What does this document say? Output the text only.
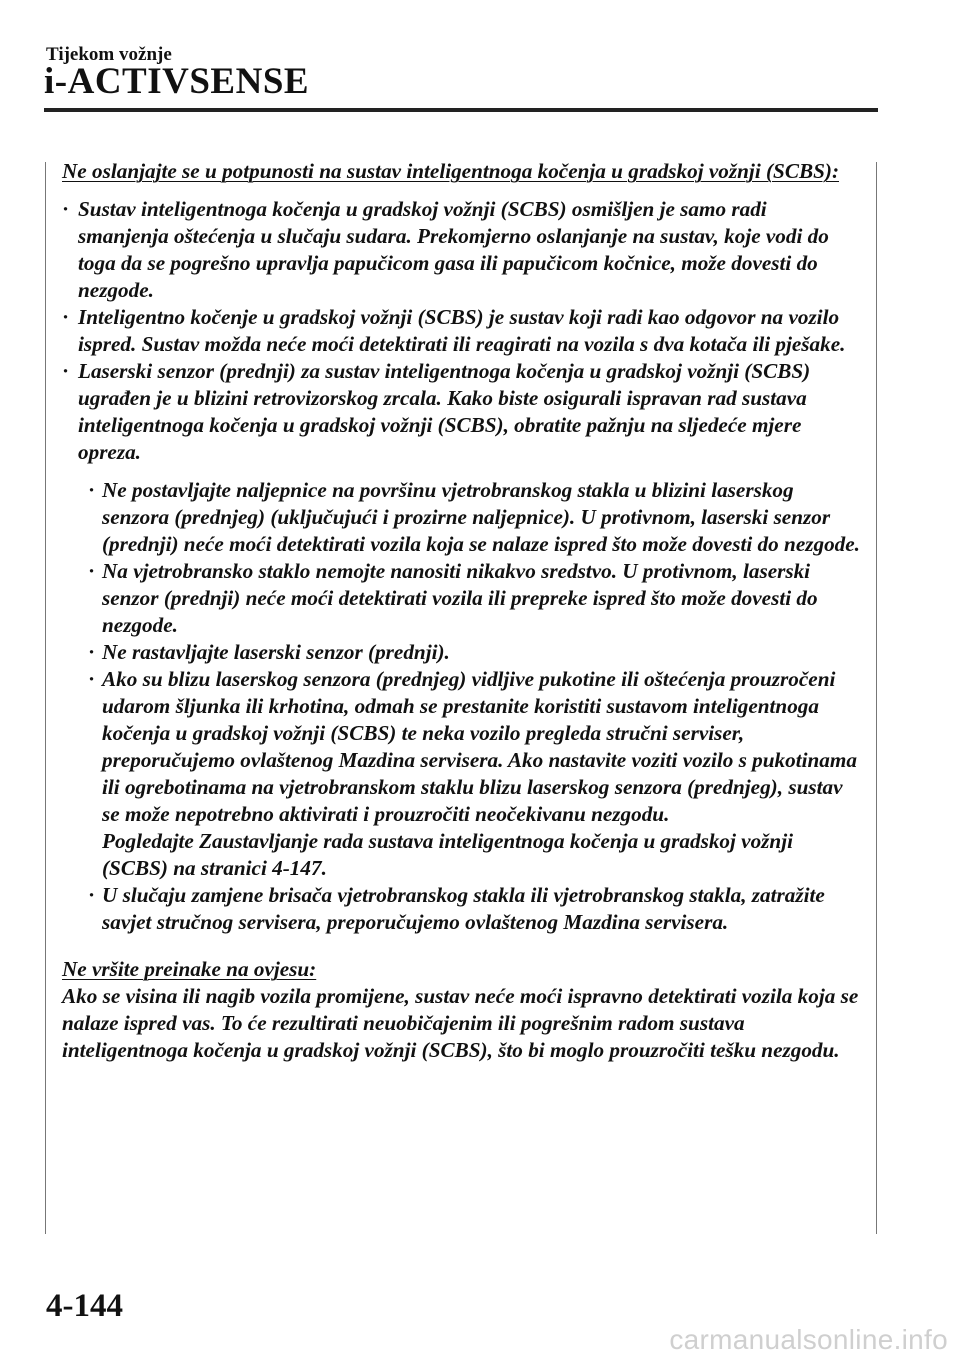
Tijekom vožnje
i-ACTIVSENSE

Ne oslanjajte se u potpunosti na sustav inteligentnoga kočenja u gradskoj vožnji (SCBS):

· Sustav inteligentnoga kočenja u gradskoj vožnji (SCBS) osmišljen je samo radi smanjenja oštećenja u slučaju sudara. Prekomjerno oslanjanje na sustav, koje vodi do toga da se pogrešno upravlja papučicom gasa ili papučicom kočnice, može dovesti do nezgode.
· Inteligentno kočenje u gradskoj vožnji (SCBS) je sustav koji radi kao odgovor na vozilo ispred. Sustav možda neće moći detektirati ili reagirati na vozila s dva kotača ili pješake.
· Laserski senzor (prednji) za sustav inteligentnoga kočenja u gradskoj vožnji (SCBS) ugrađen je u blizini retrovizorskog zrcala. Kako biste osigurali ispravan rad sustava inteligentnoga kočenja u gradskoj vožnji (SCBS), obratite pažnju na sljedeće mjere opreza.
· Ne postavljajte naljepnice na površinu vjetrobranskog stakla u blizini laserskog senzora (prednjeg) (uključujući i prozirne naljepnice). U protivnom, laserski senzor (prednji) neće moći detektirati vozila koja se nalaze ispred što može dovesti do nezgode.
· Na vjetrobransko staklo nemojte nanositi nikakvo sredstvo. U protivnom, laserski senzor (prednji) neće moći detektirati vozila ili prepreke ispred što može dovesti do nezgode.
· Ne rastavljajte laserski senzor (prednji).
· Ako su blizu laserskog senzora (prednjeg) vidljive pukotine ili oštećenja prouzročeni udarom šljunka ili krhotina, odmah se prestanite koristiti sustavom inteligentnoga kočenja u gradskoj vožnji (SCBS) te neka vozilo pregleda stručni serviser, preporučujemo ovlaštenog Mazdina servisera. Ako nastavite voziti vozilo s pukotinama ili ogrebotinama na vjetrobranskom staklu blizu laserskog senzora (prednjeg), sustav se može nepotrebno aktivirati i prouzročiti neočekivanu nezgodu.
Pogledajte Zaustavljanje rada sustava inteligentnoga kočenja u gradskoj vožnji (SCBS) na stranici 4-147.
· U slučaju zamjene brisača vjetrobranskog stakla ili vjetrobranskog stakla, zatražite savjet stručnog servisera, preporučujemo ovlaštenog Mazdina servisera.

Ne vršite preinake na ovjesu:

Ako se visina ili nagib vozila promijene, sustav neće moći ispravno detektirati vozila koja se nalaze ispred vas. To će rezultirati neuobičajenim ili pogrešnim radom sustava inteligentnoga kočenja u gradskoj vožnji (SCBS), što bi moglo prouzročiti tešku nezgodu.

4-144
carmanualsonline.info
